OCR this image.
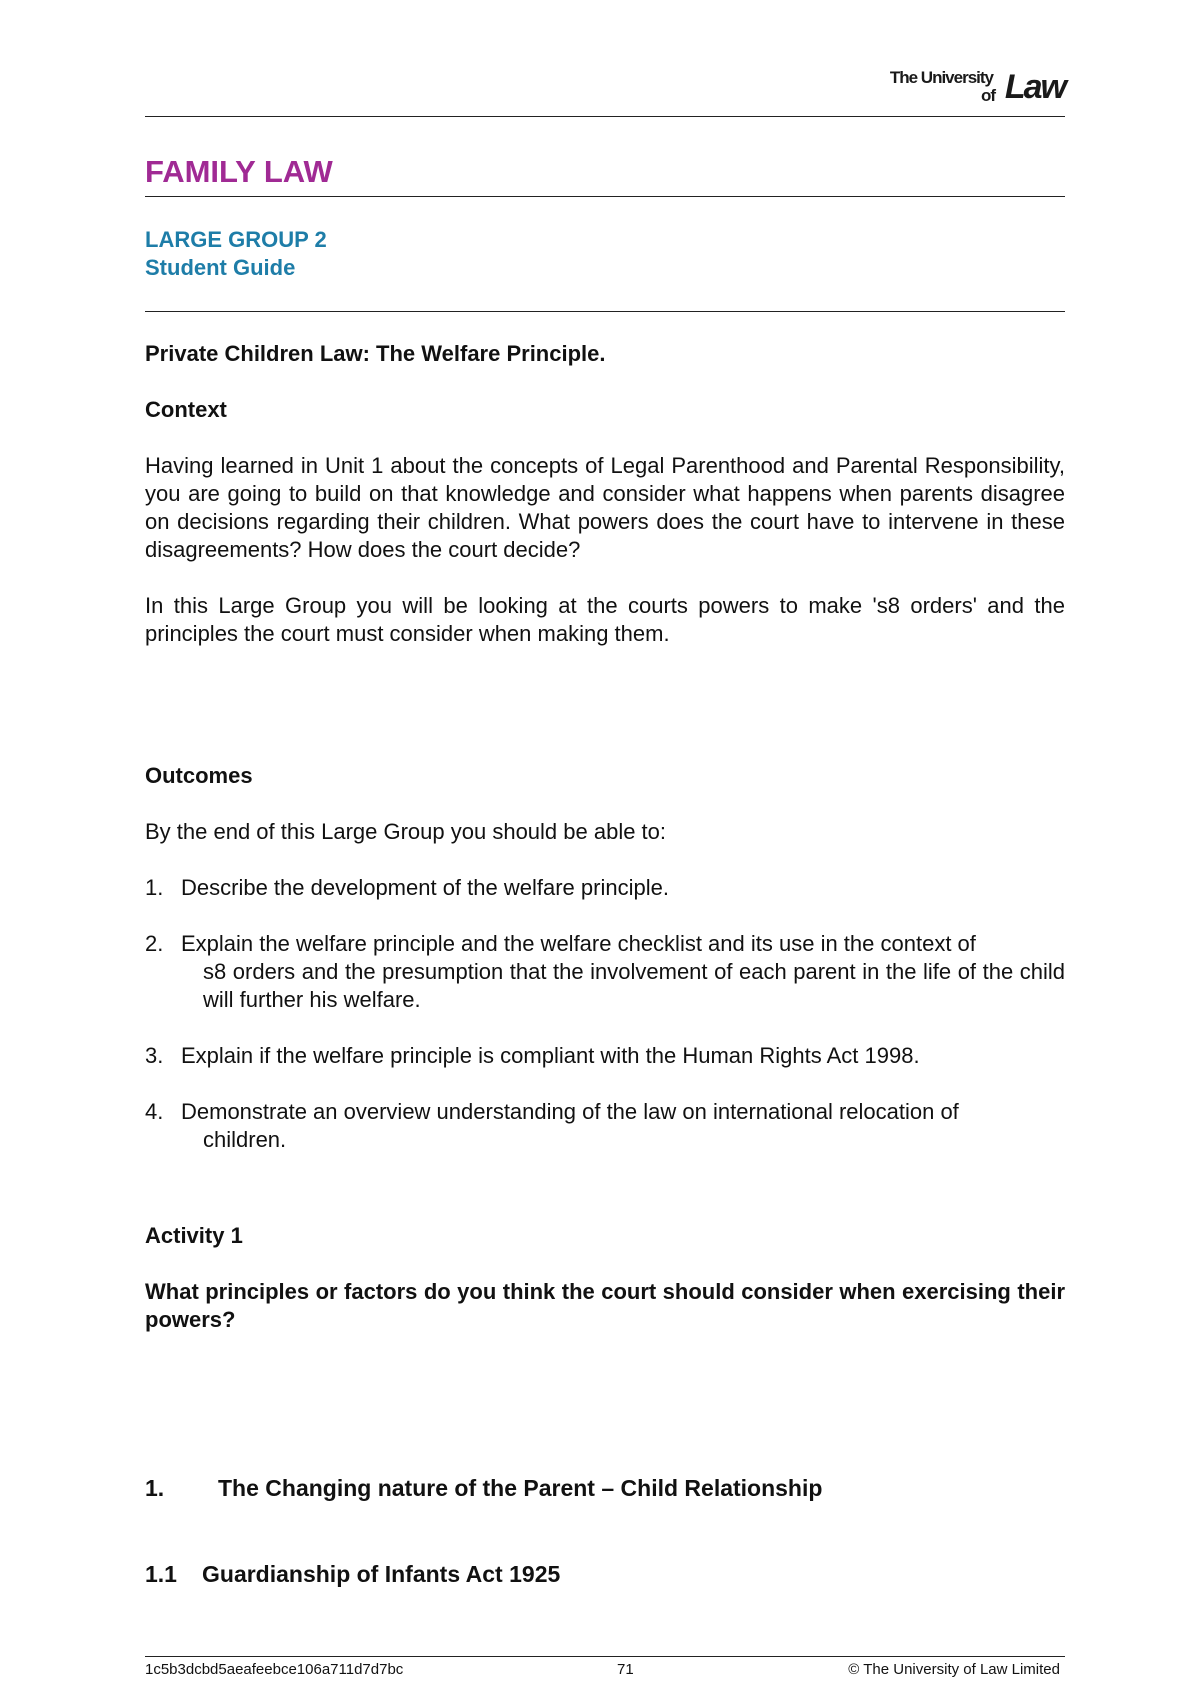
The University
of Law
FAMILY LAW
LARGE GROUP 2
Student Guide
Private Children Law: The Welfare Principle.
Context
Having learned in Unit 1 about the concepts of Legal Parenthood and Parental Responsibility, you are going to build on that knowledge and consider what happens when parents disagree on decisions regarding their children. What powers does the court have to intervene in these disagreements? How does the court decide?
In this Large Group you will be looking at the courts powers to make 's8 orders' and the principles the court must consider when making them.
Outcomes
By the end of this Large Group you should be able to:
1. Describe the development of the welfare principle.
2. Explain the welfare principle and the welfare checklist and its use in the context of
s8 orders and the presumption that the involvement of each parent in the life of the child will further his welfare.
3. Explain if the welfare principle is compliant with the Human Rights Act 1998.
4. Demonstrate an overview understanding of the law on international relocation of
children.
Activity 1
What principles or factors do you think the court should consider when exercising their powers?
1. The Changing nature of the Parent – Child Relationship
1.1 Guardianship of Infants Act 1925
1c5b3dcbd5aeafeebce106a711d7d7bc	71	© The University of Law Limited
